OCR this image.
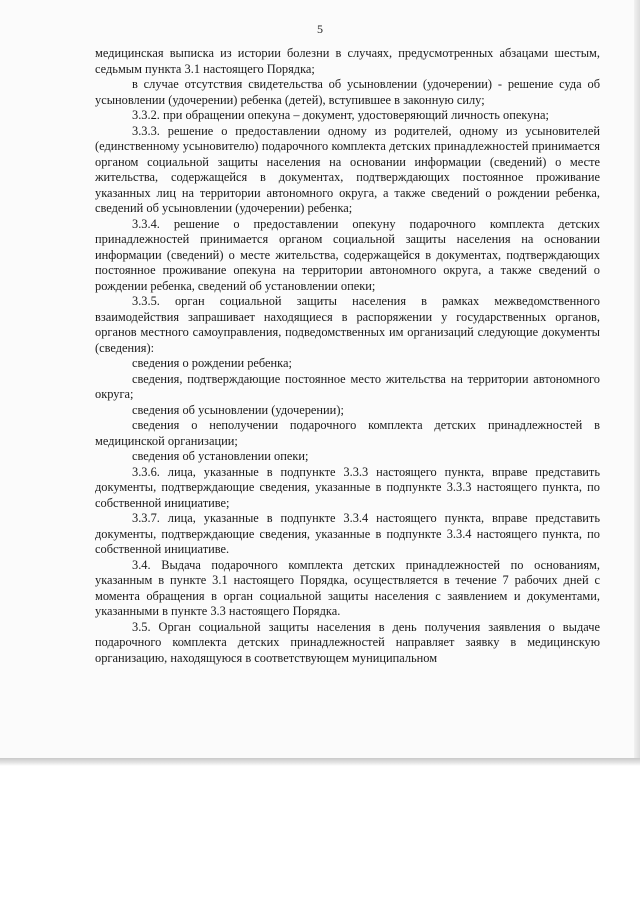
5

медицинская выписка из истории болезни в случаях, предусмотренных абзацами шестым, седьмым пункта 3.1 настоящего Порядка;

в случае отсутствия свидетельства об усыновлении (удочерении) - решение суда об усыновлении (удочерении) ребенка (детей), вступившее в законную силу;

3.3.2. при обращении опекуна – документ, удостоверяющий личность опекуна;

3.3.3. решение о предоставлении одному из родителей, одному из усыновителей (единственному усыновителю) подарочного комплекта детских принадлежностей принимается органом социальной защиты населения на основании информации (сведений) о месте жительства, содержащейся в документах, подтверждающих постоянное проживание указанных лиц на территории автономного округа, а также сведений о рождении ребенка, сведений об усыновлении (удочерении) ребенка;

3.3.4. решение о предоставлении опекуну подарочного комплекта детских принадлежностей принимается органом социальной защиты населения на основании информации (сведений) о месте жительства, содержащейся в документах, подтверждающих постоянное проживание опекуна на территории автономного округа, а также сведений о рождении ребенка, сведений об установлении опеки;

3.3.5. орган социальной защиты населения в рамках межведомственного взаимодействия запрашивает находящиеся в распоряжении у государственных органов, органов местного самоуправления, подведомственных им организаций следующие документы (сведения):

сведения о рождении ребенка;

сведения, подтверждающие постоянное место жительства на территории автономного округа;

сведения об усыновлении (удочерении);

сведения о неполучении подарочного комплекта детских принадлежностей в медицинской организации;

сведения об установлении опеки;

3.3.6. лица, указанные в подпункте 3.3.3 настоящего пункта, вправе представить документы, подтверждающие сведения, указанные в подпункте 3.3.3 настоящего пункта, по собственной инициативе;

3.3.7. лица, указанные в подпункте 3.3.4 настоящего пункта, вправе представить документы, подтверждающие сведения, указанные в подпункте 3.3.4 настоящего пункта, по собственной инициативе.

3.4. Выдача подарочного комплекта детских принадлежностей по основаниям, указанным в пункте 3.1 настоящего Порядка, осуществляется в течение 7 рабочих дней с момента обращения в орган социальной защиты населения с заявлением и документами, указанными в пункте 3.3 настоящего Порядка.

3.5. Орган социальной защиты населения в день получения заявления о выдаче подарочного комплекта детских принадлежностей направляет заявку в медицинскую организацию, находящуюся в соответствующем муниципальном
